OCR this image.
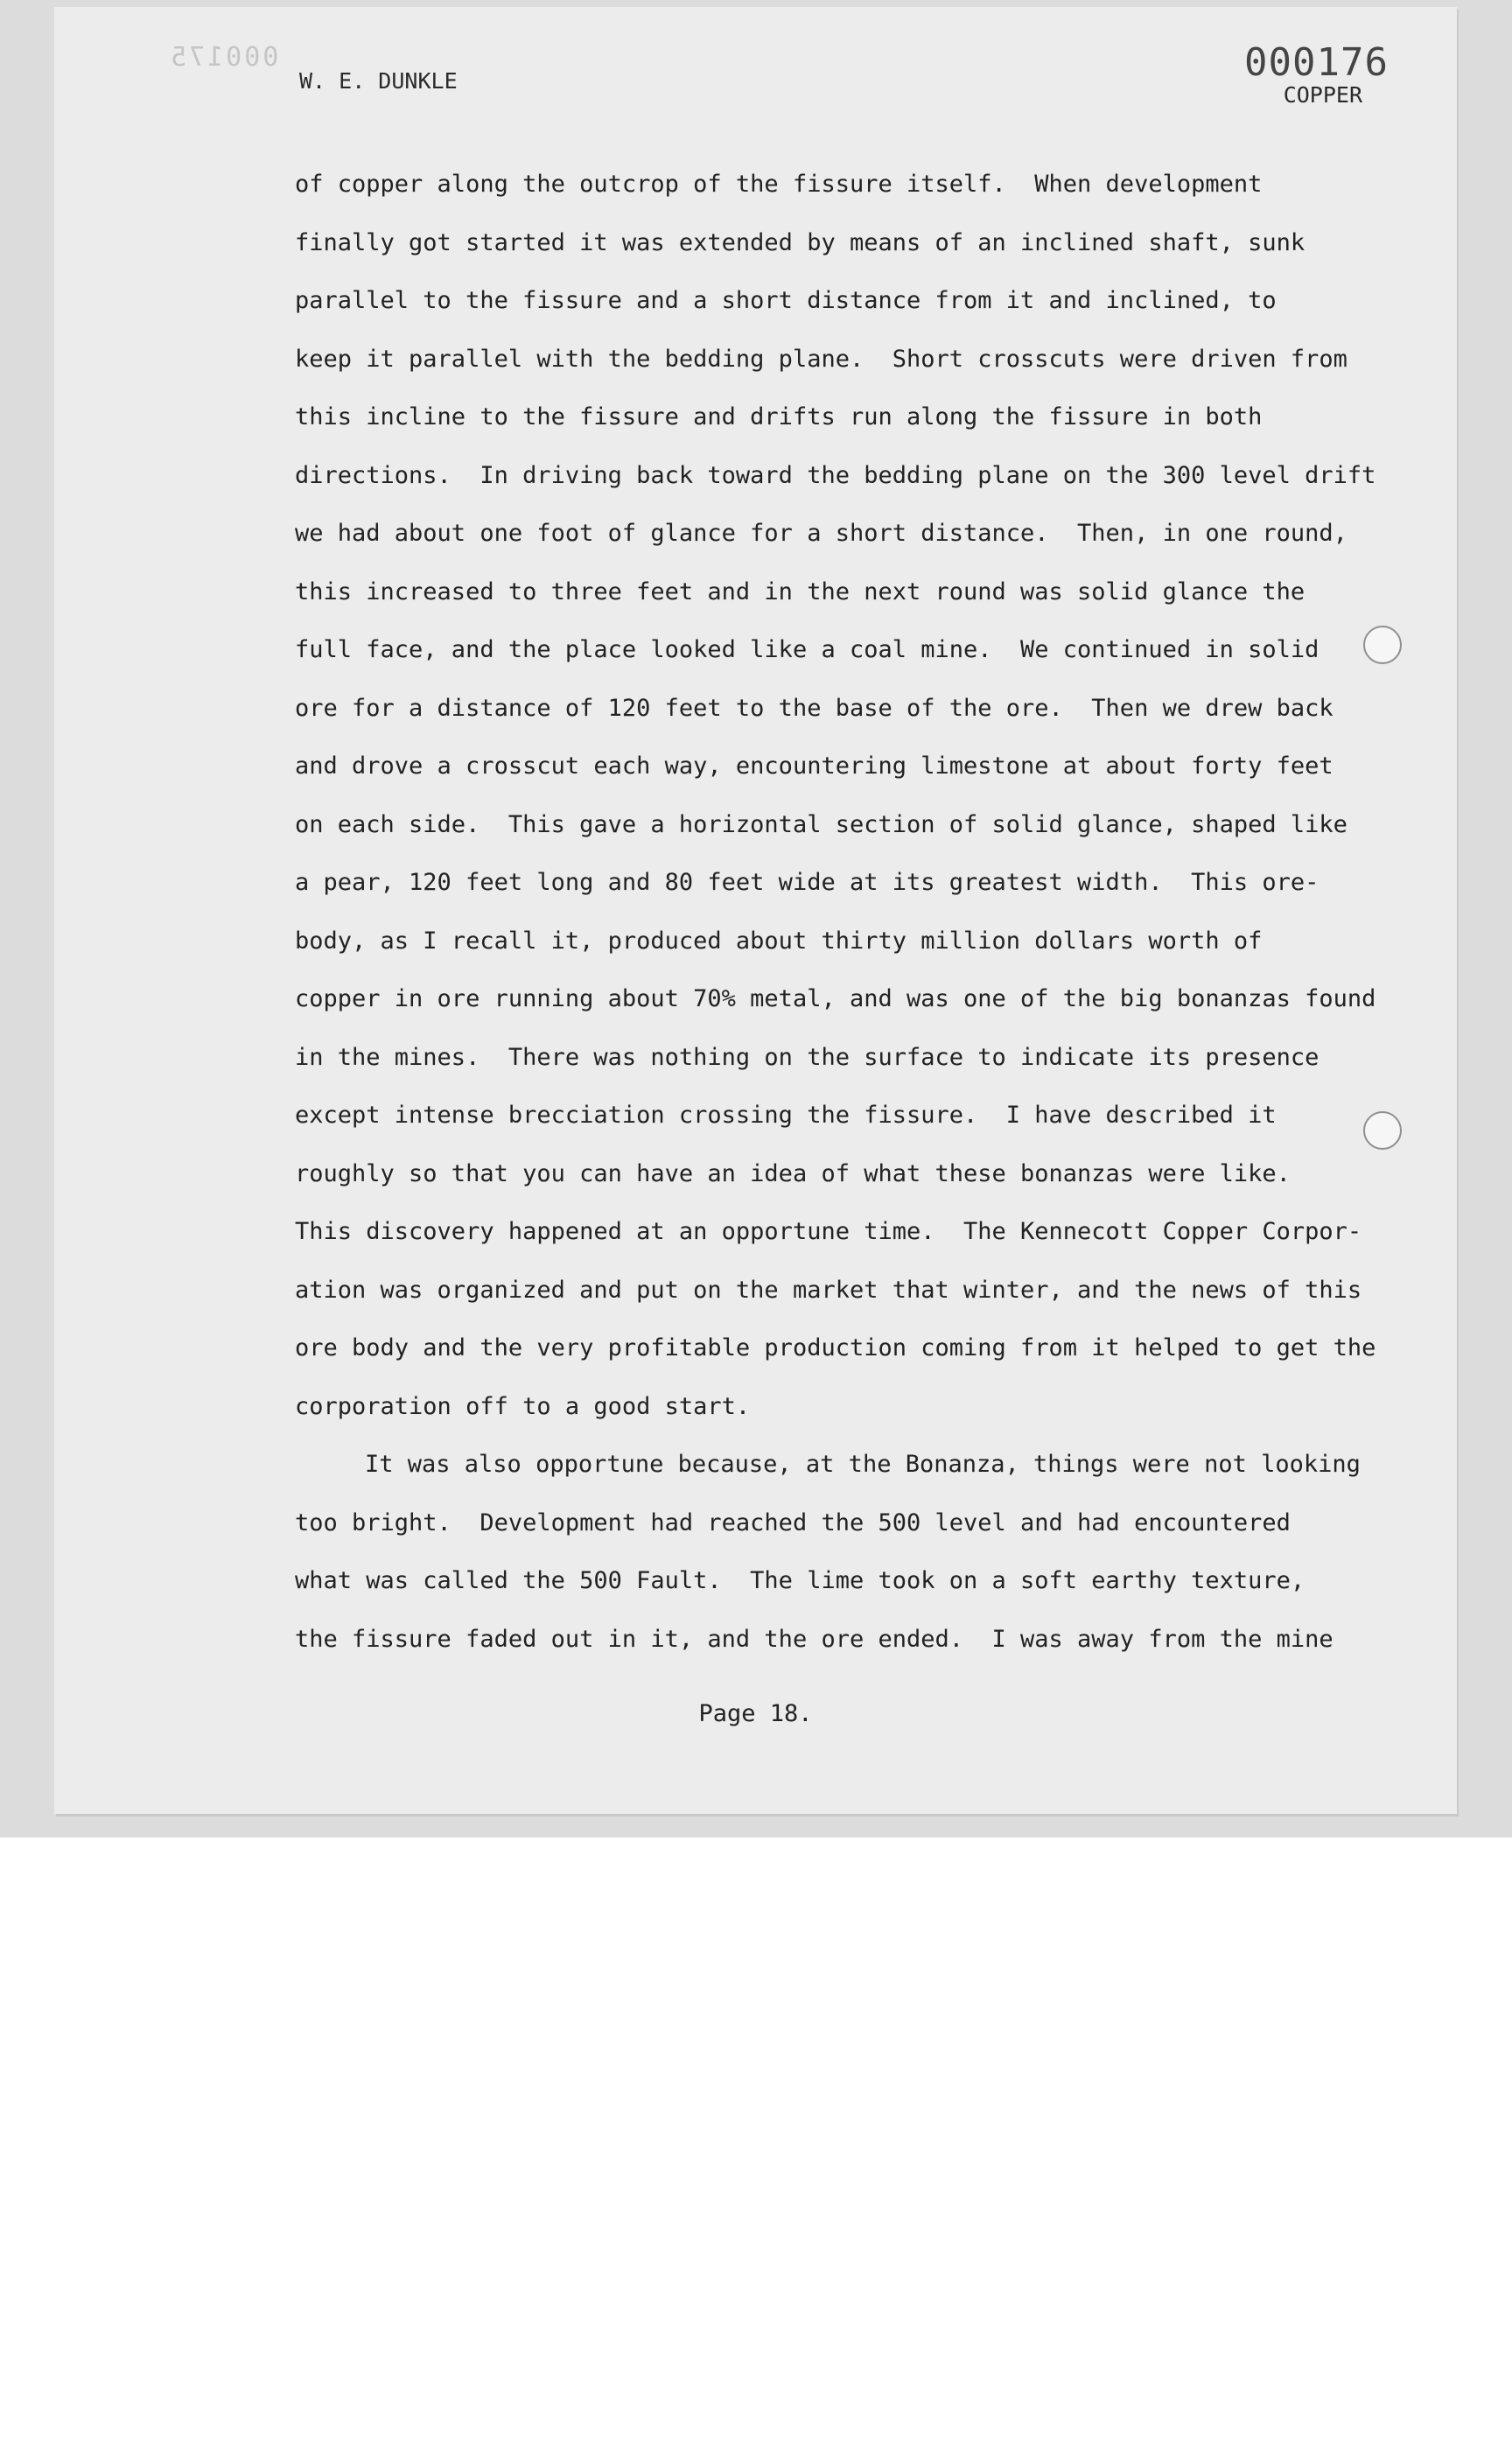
000175	000176
W. E. DUNKLE
COPPER
of copper along the outcrop of the fissure itself.  When development
finally got started it was extended by means of an inclined shaft, sunk
parallel to the fissure and a short distance from it and inclined, to
keep it parallel with the bedding plane.  Short crosscuts were driven from
this incline to the fissure and drifts run along the fissure in both
directions.  In driving back toward the bedding plane on the 300 level drift
we had about one foot of glance for a short distance.  Then, in one round,
this increased to three feet and in the next round was solid glance the
full face, and the place looked like a coal mine.  We continued in solid
ore for a distance of 120 feet to the base of the ore.  Then we drew back
and drove a crosscut each way, encountering limestone at about forty feet
on each side.  This gave a horizontal section of solid glance, shaped like
a pear, 120 feet long and 80 feet wide at its greatest width.  This ore-
body, as I recall it, produced about thirty million dollars worth of
copper in ore running about 70% metal, and was one of the big bonanzas found
in the mines.  There was nothing on the surface to indicate its presence
except intense brecciation crossing the fissure.  I have described it
roughly so that you can have an idea of what these bonanzas were like.
This discovery happened at an opportune time.  The Kennecott Copper Corpor-
ation was organized and put on the market that winter, and the news of this
ore body and the very profitable production coming from it helped to get the
corporation off to a good start.
It was also opportune because, at the Bonanza, things were not looking
too bright.  Development had reached the 500 level and had encountered
what was called the 500 Fault.  The lime took on a soft earthy texture,
the fissure faded out in it, and the ore ended.  I was away from the mine
Page 18.
